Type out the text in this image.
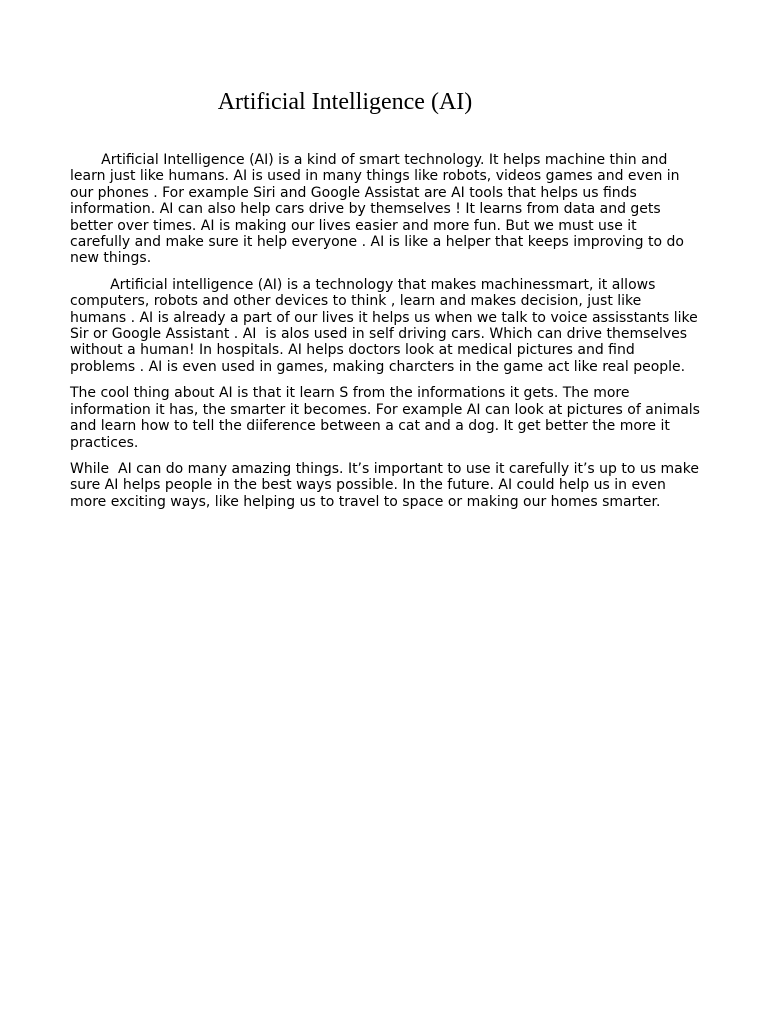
Artificial Intelligence (AI)

Artificial Intelligence (AI) is a kind of smart technology. It helps machine thin and learn just like humans. AI is used in many things like robots, videos games and even in our phones . For example Siri and Google Assistat are AI tools that helps us finds information. AI can also help cars drive by themselves ! It learns from data and gets better over times. AI is making our lives easier and more fun. But we must use it carefully and make sure it help everyone . AI is like a helper that keeps improving to do new things.

Artificial intelligence (AI) is a technology that makes machinessmart, it allows computers, robots and other devices to think , learn and makes decision, just like humans . AI is already a part of our lives it helps us when we talk to voice assisstants like Sir or Google Assistant . AI  is alos used in self driving cars. Which can drive themselves without a human! In hospitals. AI helps doctors look at medical pictures and find problems . AI is even used in games, making charcters in the game act like real people.

The cool thing about AI is that it learn S from the informations it gets. The more information it has, the smarter it becomes. For example AI can look at pictures of animals and learn how to tell the diiference between a cat and a dog. It get better the more it practices.

While  AI can do many amazing things. It’s important to use it carefully it’s up to us make sure AI helps people in the best ways possible. In the future. AI could help us in even more exciting ways, like helping us to travel to space or making our homes smarter.
